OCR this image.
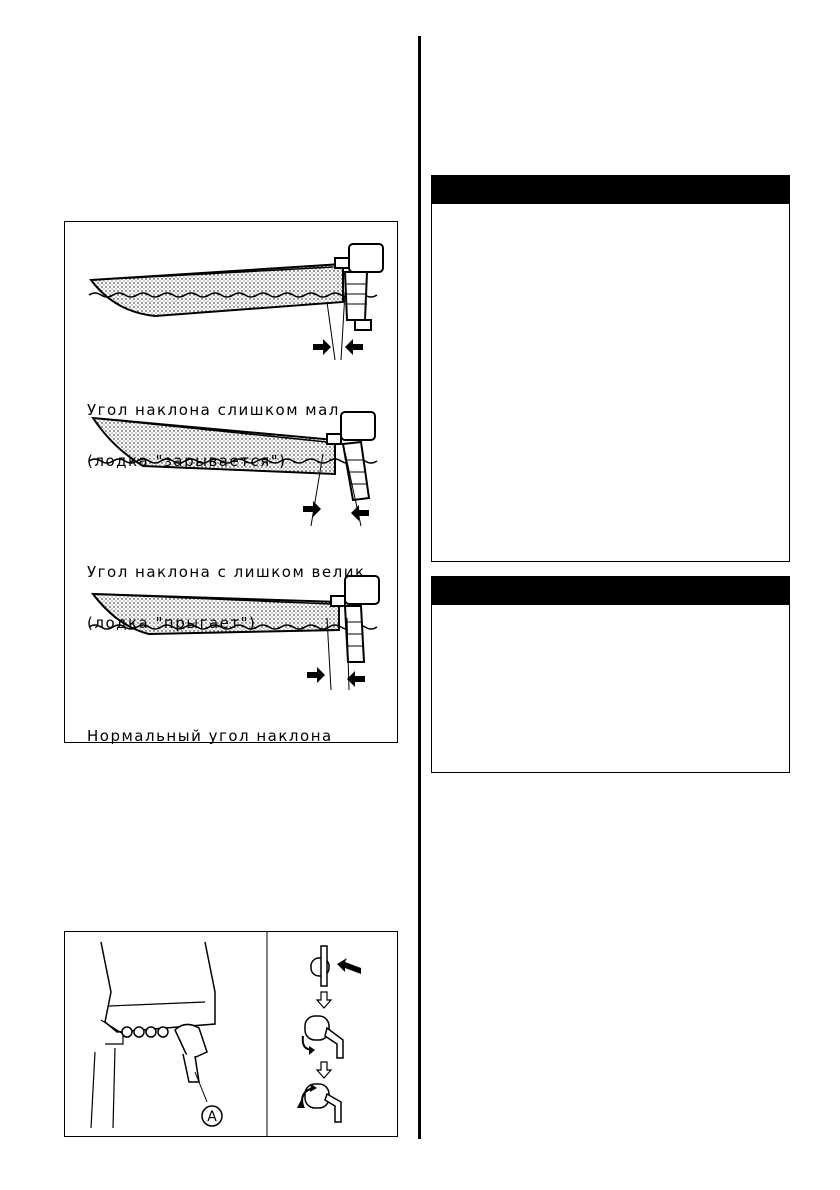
Угол наклона слишком мал

(лодка "зарывается")

Угол наклона с лишком велик

(лодка "прыгает")

Нормальный угол наклона

A
